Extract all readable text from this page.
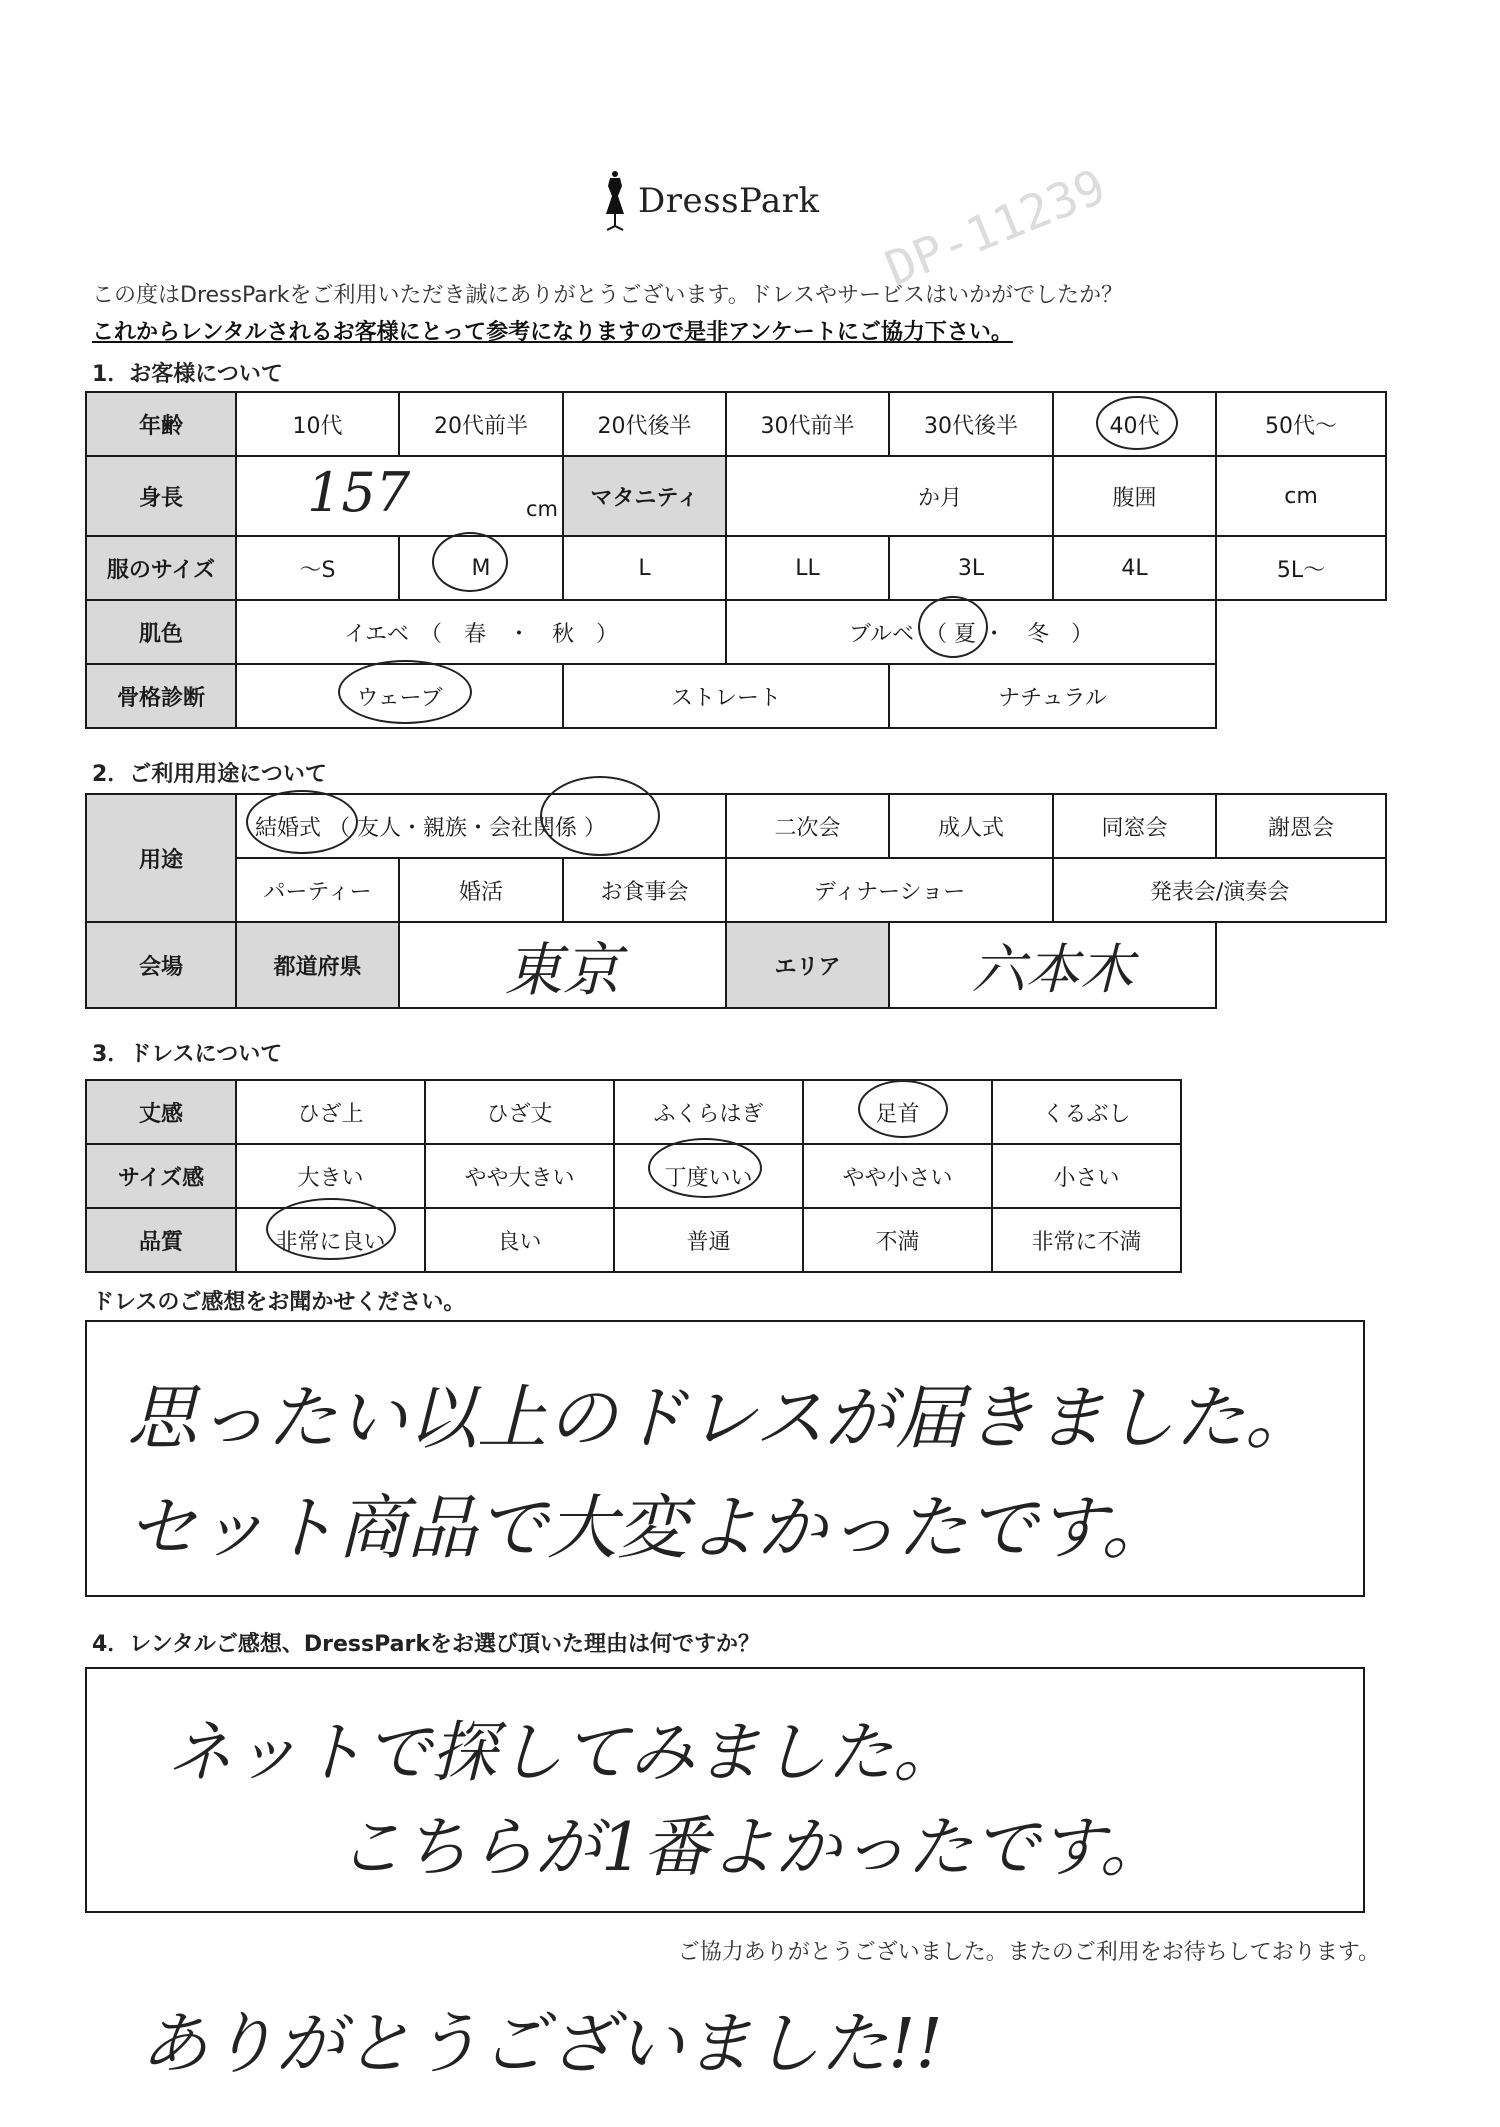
DP-11239
DressPark
この度はDressParkをご利用いただき誠にありがとうございます。ドレスやサービスはいかがでしたか？
これからレンタルされるお客様にとって参考になりますので是非アンケートにご協力下さい。
1．お客様について
年齢	10代	20代前半	20代後半	30代前半	30代後半	40代	50代～
身長	157 cm		マタニティ	か月		腹囲	cm
服のサイズ	～S	M	L	LL	3L	4L	5L～
肌色	イエベ　（　春　・　秋　）			ブルベ　（ 夏 ・　冬　）			
骨格診断	ウェーブ		ストレート		ナチュラル		
2．ご利用用途について
用途	結婚式 （ 友人・親族・会社関係 ）			二次会	成人式	同窓会	謝恩会
	パーティー	婚活	お食事会	ディナーショー		発表会/演奏会	
会場	都道府県	東京		エリア	六本木		
3．ドレスについて
丈感	ひざ上	ひざ丈	ふくらはぎ	足首	くるぶし
サイズ感	大きい	やや大きい	丁度いい	やや小さい	小さい
品質	非常に良い	良い	普通	不満	非常に不満
ドレスのご感想をお聞かせください。
思ったい以上のドレスが届きました。
セット商品で大変よかったです。
4．レンタルご感想、DressParkをお選び頂いた理由は何ですか？
ネットで探してみました。
こちらが1番よかったです。
ご協力ありがとうございました。またのご利用をお待ちしております。
ありがとうございました!!
